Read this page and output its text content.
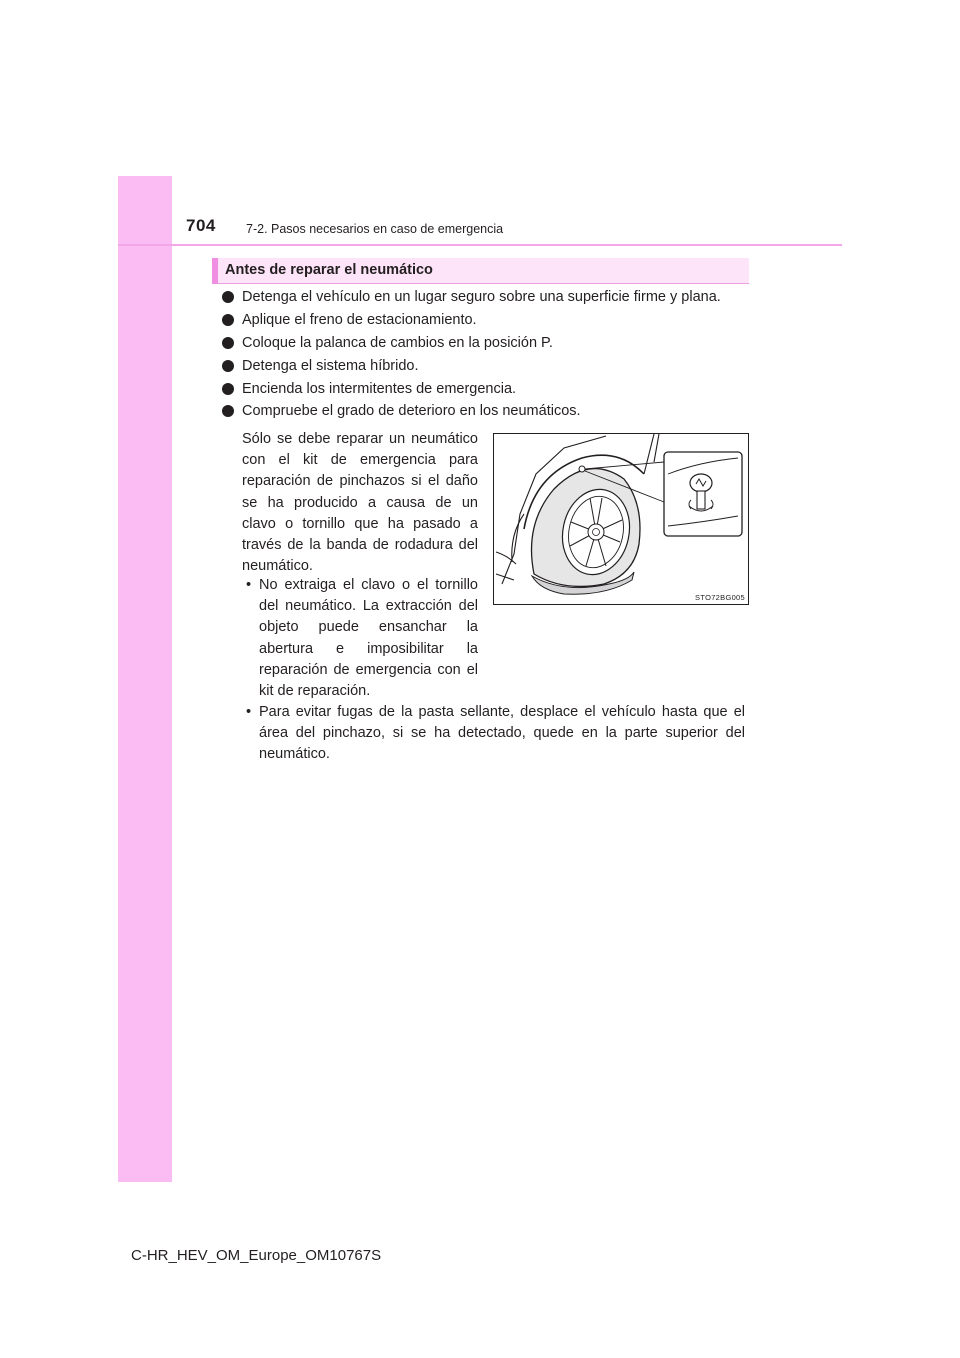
704 7-2. Pasos necesarios en caso de emergencia
Antes de reparar el neumático
Detenga el vehículo en un lugar seguro sobre una superficie firme y plana.
Aplique el freno de estacionamiento.
Coloque la palanca de cambios en la posición P.
Detenga el sistema híbrido.
Encienda los intermitentes de emergencia.
Compruebe el grado de deterioro en los neumáticos.
Sólo se debe reparar un neumático con el kit de emergencia para reparación de pinchazos si el daño se ha producido a causa de un clavo o tornillo que ha pasado a través de la banda de rodadura del neumático.
• No extraiga el clavo o el tornillo del neumático. La extracción del objeto puede ensanchar la abertura e imposibilitar la reparación de emergencia con el kit de reparación.
• Para evitar fugas de la pasta sellante, desplace el vehículo hasta que el área del pinchazo, si se ha detectado, quede en la parte superior del neumático.
STO72BG005
C-HR_HEV_OM_Europe_OM10767S
